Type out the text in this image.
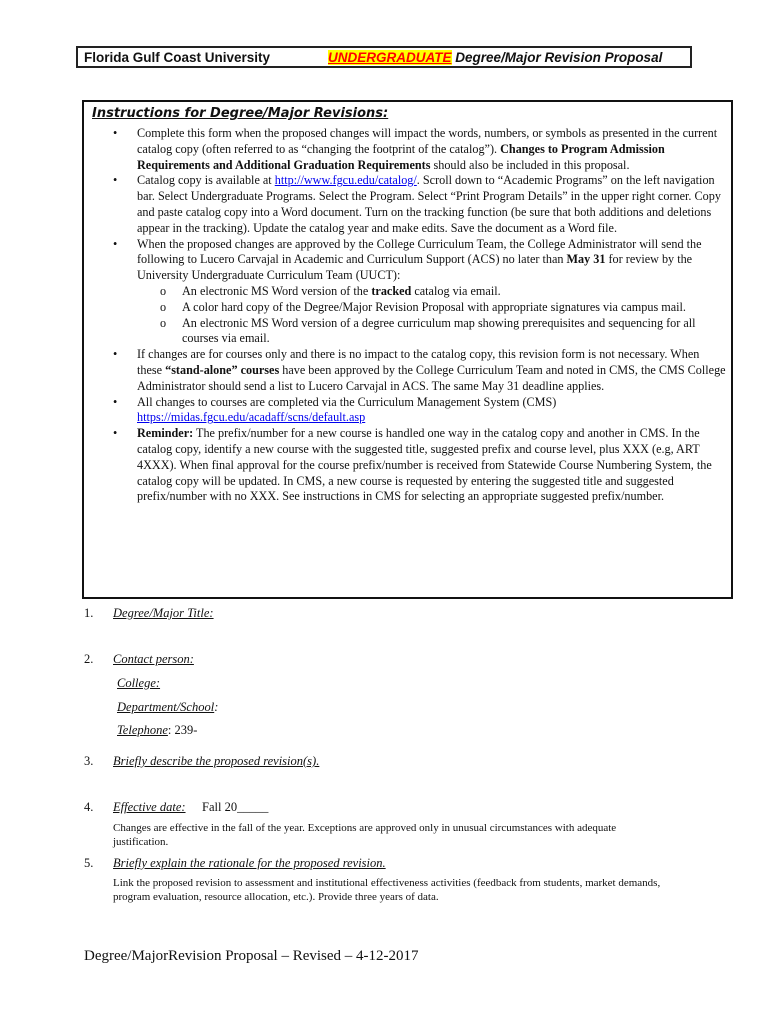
Florida Gulf Coast University	UNDERGRADUATE Degree/Major Revision Proposal
Instructions for Degree/Major Revisions:
• Complete this form when the proposed changes will impact the words, numbers, or symbols as presented in the current catalog copy (often referred to as “changing the footprint of the catalog”). Changes to Program Admission Requirements and Additional Graduation Requirements should also be included in this proposal.
• Catalog copy is available at http://www.fgcu.edu/catalog/. Scroll down to “Academic Programs” on the left navigation bar. Select Undergraduate Programs. Select the Program. Select “Print Program Details” in the upper right corner. Copy and paste catalog copy into a Word document. Turn on the tracking function (be sure that both additions and deletions appear in the tracking). Update the catalog year and make edits. Save the document as a Word file.
• When the proposed changes are approved by the College Curriculum Team, the College Administrator will send the following to Lucero Carvajal in Academic and Curriculum Support (ACS) no later than May 31 for review by the University Undergraduate Curriculum Team (UUCT):
o An electronic MS Word version of the tracked catalog via email.
o A color hard copy of the Degree/Major Revision Proposal with appropriate signatures via campus mail.
o An electronic MS Word version of a degree curriculum map showing prerequisites and sequencing for all courses via email.
• If changes are for courses only and there is no impact to the catalog copy, this revision form is not necessary. When these “stand-alone” courses have been approved by the College Curriculum Team and noted in CMS, the CMS College Administrator should send a list to Lucero Carvajal in ACS. The same May 31 deadline applies.
• All changes to courses are completed via the Curriculum Management System (CMS)
https://midas.fgcu.edu/acadaff/scns/default.asp
• Reminder: The prefix/number for a new course is handled one way in the catalog copy and another in CMS. In the catalog copy, identify a new course with the suggested title, suggested prefix and course level, plus XXX (e.g, ART 4XXX). When final approval for the course prefix/number is received from Statewide Course Numbering System, the catalog copy will be updated. In CMS, a new course is requested by entering the suggested title and suggested prefix/number with no XXX. See instructions in CMS for selecting an appropriate suggested prefix/number.
1. Degree/Major Title:
2. Contact person:
College:
Department/School:
Telephone: 239-
3. Briefly describe the proposed revision(s).
4. Effective date: Fall 20_____
Changes are effective in the fall of the year. Exceptions are approved only in unusual circumstances with adequate justification.
5. Briefly explain the rationale for the proposed revision.
Link the proposed revision to assessment and institutional effectiveness activities (feedback from students, market demands, program evaluation, resource allocation, etc.). Provide three years of data.
Degree/MajorRevision Proposal – Revised – 4-12-2017
